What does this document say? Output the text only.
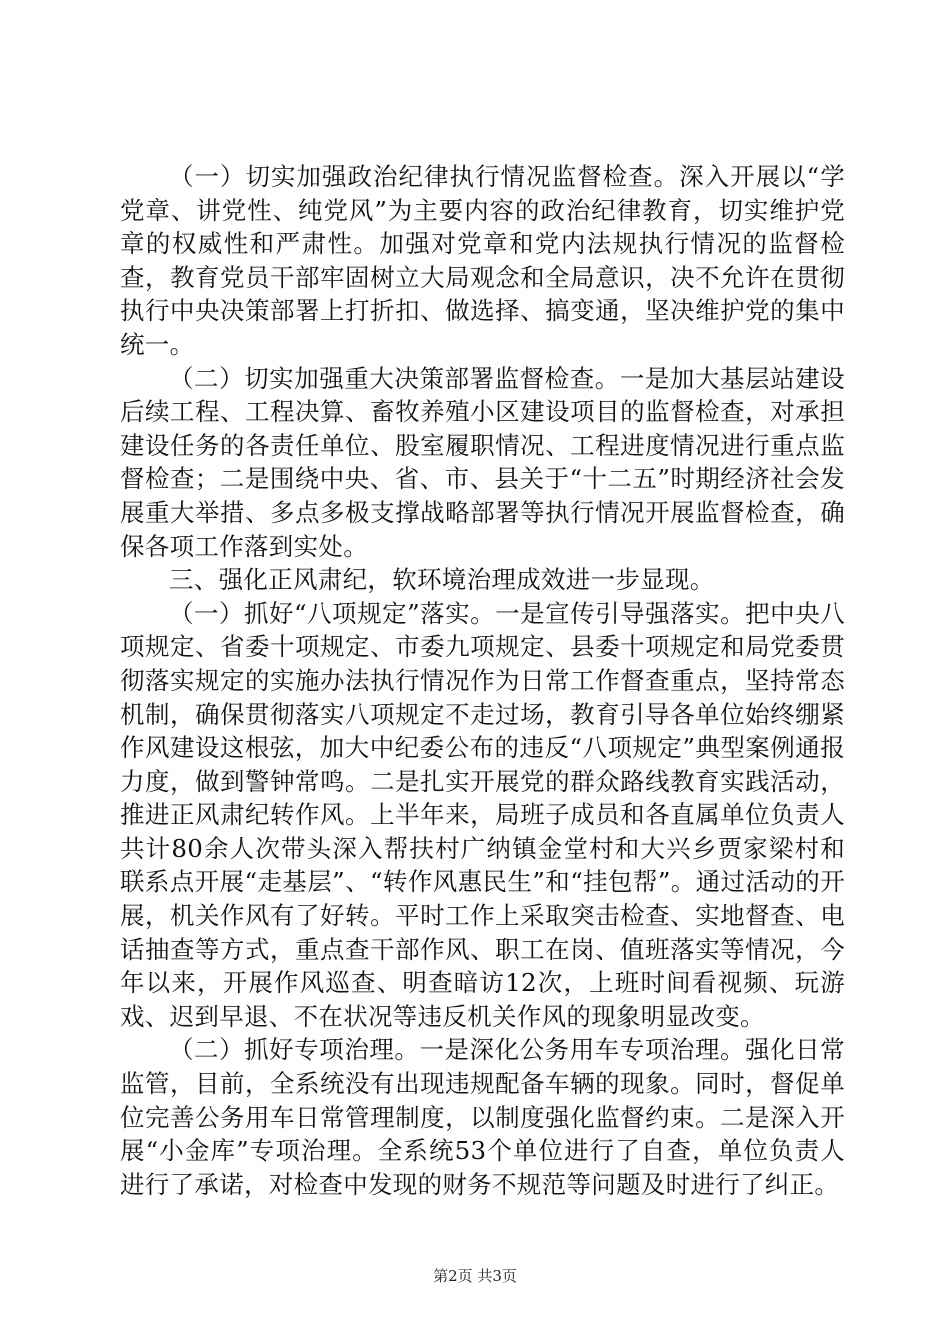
（一）切实加强政治纪律执行情况监督检查。深入开展以“学党章、讲党性、纯党风”为主要内容的政治纪律教育，切实维护党章的权威性和严肃性。加强对党章和党内法规执行情况的监督检查，教育党员干部牢固树立大局观念和全局意识，决不允许在贯彻执行中央决策部署上打折扣、做选择、搞变通，坚决维护党的集中统一。

（二）切实加强重大决策部署监督检查。一是加大基层站建设后续工程、工程决算、畜牧养殖小区建设项目的监督检查，对承担建设任务的各责任单位、股室履职情况、工程进度情况进行重点监督检查；二是围绕中央、省、市、县关于“十二五”时期经济社会发展重大举措、多点多极支撑战略部署等执行情况开展监督检查，确保各项工作落到实处。

三、强化正风肃纪，软环境治理成效进一步显现。

（一）抓好“八项规定”落实。一是宣传引导强落实。把中央八项规定、省委十项规定、市委九项规定、县委十项规定和局党委贯彻落实规定的实施办法执行情况作为日常工作督查重点，坚持常态机制，确保贯彻落实八项规定不走过场，教育引导各单位始终绷紧作风建设这根弦，加大中纪委公布的违反“八项规定”典型案例通报力度，做到警钟常鸣。二是扎实开展党的群众路线教育实践活动，推进正风肃纪转作风。上半年来，局班子成员和各直属单位负责人共计80余人次带头深入帮扶村广纳镇金堂村和大兴乡贾家梁村和联系点开展“走基层”、“转作风惠民生”和“挂包帮”。通过活动的开展，机关作风有了好转。平时工作上采取突击检查、实地督查、电话抽查等方式，重点查干部作风、职工在岗、值班落实等情况，今年以来，开展作风巡查、明查暗访12次，上班时间看视频、玩游戏、迟到早退、不在状况等违反机关作风的现象明显改变。

（二）抓好专项治理。一是深化公务用车专项治理。强化日常监管，目前，全系统没有出现违规配备车辆的现象。同时，督促单位完善公务用车日常管理制度，以制度强化监督约束。二是深入开展“小金库”专项治理。全系统53个单位进行了自查，单位负责人进行了承诺，对检查中发现的财务不规范等问题及时进行了纠正。

第2页 共3页
